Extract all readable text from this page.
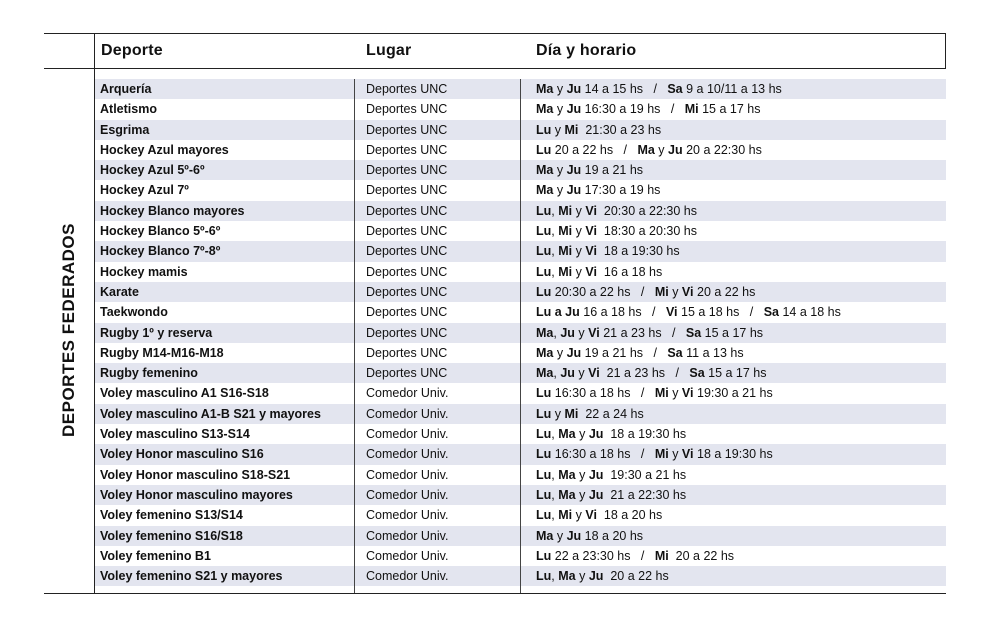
Deporte	Lugar	Día y horario
DEPORTES FEDERADOS
Arquería	Deportes UNC	Ma y Ju 14 a 15 hs   /   Sa 9 a 10/11 a 13 hs
Atletismo	Deportes UNC	Ma y Ju 16:30 a 19 hs   /   Mi 15 a 17 hs
Esgrima	Deportes UNC	Lu y Mi  21:30 a 23 hs
Hockey Azul mayores	Deportes UNC	Lu 20 a 22 hs   /   Ma y Ju 20 a 22:30 hs
Hockey Azul 5º-6º	Deportes UNC	Ma y Ju 19 a 21 hs
Hockey Azul 7º	Deportes UNC	Ma y Ju 17:30 a 19 hs
Hockey Blanco mayores	Deportes UNC	Lu, Mi y Vi  20:30 a 22:30 hs
Hockey Blanco 5º-6º	Deportes UNC	Lu, Mi y Vi  18:30 a 20:30 hs
Hockey Blanco 7º-8º	Deportes UNC	Lu, Mi y Vi  18 a 19:30 hs
Hockey mamis	Deportes UNC	Lu, Mi y Vi  16 a 18 hs
Karate	Deportes UNC	Lu 20:30 a 22 hs   /   Mi y Vi 20 a 22 hs
Taekwondo	Deportes UNC	Lu a Ju 16 a 18 hs   /   Vi 15 a 18 hs   /   Sa 14 a 18 hs
Rugby 1º y reserva	Deportes UNC	Ma, Ju y Vi 21 a 23 hs   /   Sa 15 a 17 hs
Rugby M14-M16-M18	Deportes UNC	Ma y Ju 19 a 21 hs   /   Sa 11 a 13 hs
Rugby femenino	Deportes UNC	Ma, Ju y Vi  21 a 23 hs   /   Sa 15 a 17 hs
Voley masculino A1 S16-S18	Comedor Univ.	Lu 16:30 a 18 hs   /   Mi y Vi 19:30 a 21 hs
Voley masculino A1-B S21 y mayores	Comedor Univ.	Lu y Mi  22 a 24 hs
Voley masculino S13-S14	Comedor Univ.	Lu, Ma y Ju  18 a 19:30 hs
Voley Honor masculino S16	Comedor Univ.	Lu 16:30 a 18 hs   /   Mi y Vi 18 a 19:30 hs
Voley Honor masculino S18-S21	Comedor Univ.	Lu, Ma y Ju  19:30 a 21 hs
Voley Honor masculino mayores	Comedor Univ.	Lu, Ma y Ju  21 a 22:30 hs
Voley femenino S13/S14	Comedor Univ.	Lu, Mi y Vi  18 a 20 hs
Voley femenino S16/S18	Comedor Univ.	Ma y Ju 18 a 20 hs
Voley femenino B1	Comedor Univ.	Lu 22 a 23:30 hs   /   Mi  20 a 22 hs
Voley femenino S21 y mayores	Comedor Univ.	Lu, Ma y Ju  20 a 22 hs
